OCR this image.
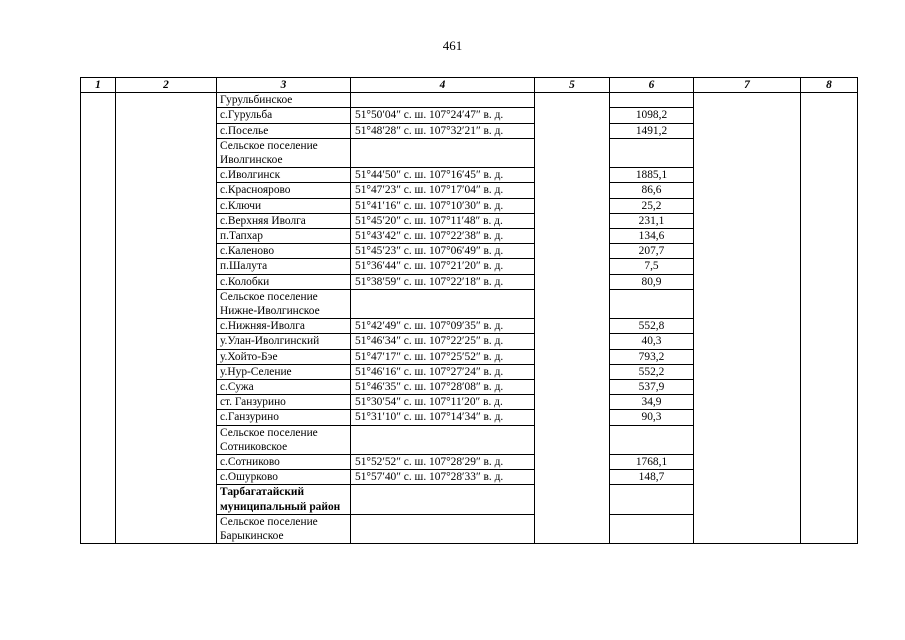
461
1	2	3	4	5	6	7	8
		Гурульбинское					
		с.Гурульба	51°50′04″ с. ш. 107°24′47″ в. д.		1098,2		
		с.Поселье	51°48′28″ с. ш. 107°32′21″ в. д.		1491,2		
		Сельское поселение Иволгинское					
		с.Иволгинск	51°44′50″ с. ш. 107°16′45″ в. д.		1885,1		
		с.Красноярово	51°47′23″ с. ш. 107°17′04″ в. д.		86,6		
		с.Ключи	51°41′16″ с. ш. 107°10′30″ в. д.		25,2		
		с.Верхняя Иволга	51°45′20″ с. ш. 107°11′48″ в. д.		231,1		
		п.Тапхар	51°43′42″ с. ш. 107°22′38″ в. д.		134,6		
		с.Каленово	51°45′23″ с. ш. 107°06′49″ в. д.		207,7		
		п.Шалута	51°36′44″ с. ш. 107°21′20″ в. д.		7,5		
		с.Колобки	51°38′59″ с. ш. 107°22′18″ в. д.		80,9		
		Сельское поселение Нижне-Иволгинское					
		с.Нижняя-Иволга	51°42′49″ с. ш. 107°09′35″ в. д.		552,8		
		у.Улан-Иволгинский	51°46′34″ с. ш. 107°22′25″ в. д.		40,3		
		у.Хойто-Бэе	51°47′17″ с. ш. 107°25′52″ в. д.		793,2		
		у.Нур-Селение	51°46′16″ с. ш. 107°27′24″ в. д.		552,2		
		с.Сужа	51°46′35″ с. ш. 107°28′08″ в. д.		537,9		
		ст. Ганзурино	51°30′54″ с. ш. 107°11′20″ в. д.		34,9		
		с.Ганзурино	51°31′10″ с. ш. 107°14′34″ в. д.		90,3		
		Сельское поселение Сотниковское					
		с.Сотниково	51°52′52″ с. ш. 107°28′29″ в. д.		1768,1		
		с.Ошурково	51°57′40″ с. ш. 107°28′33″ в. д.		148,7		
		Тарбагатайский муниципальный район					
		Сельское поселение Барыкинское					
